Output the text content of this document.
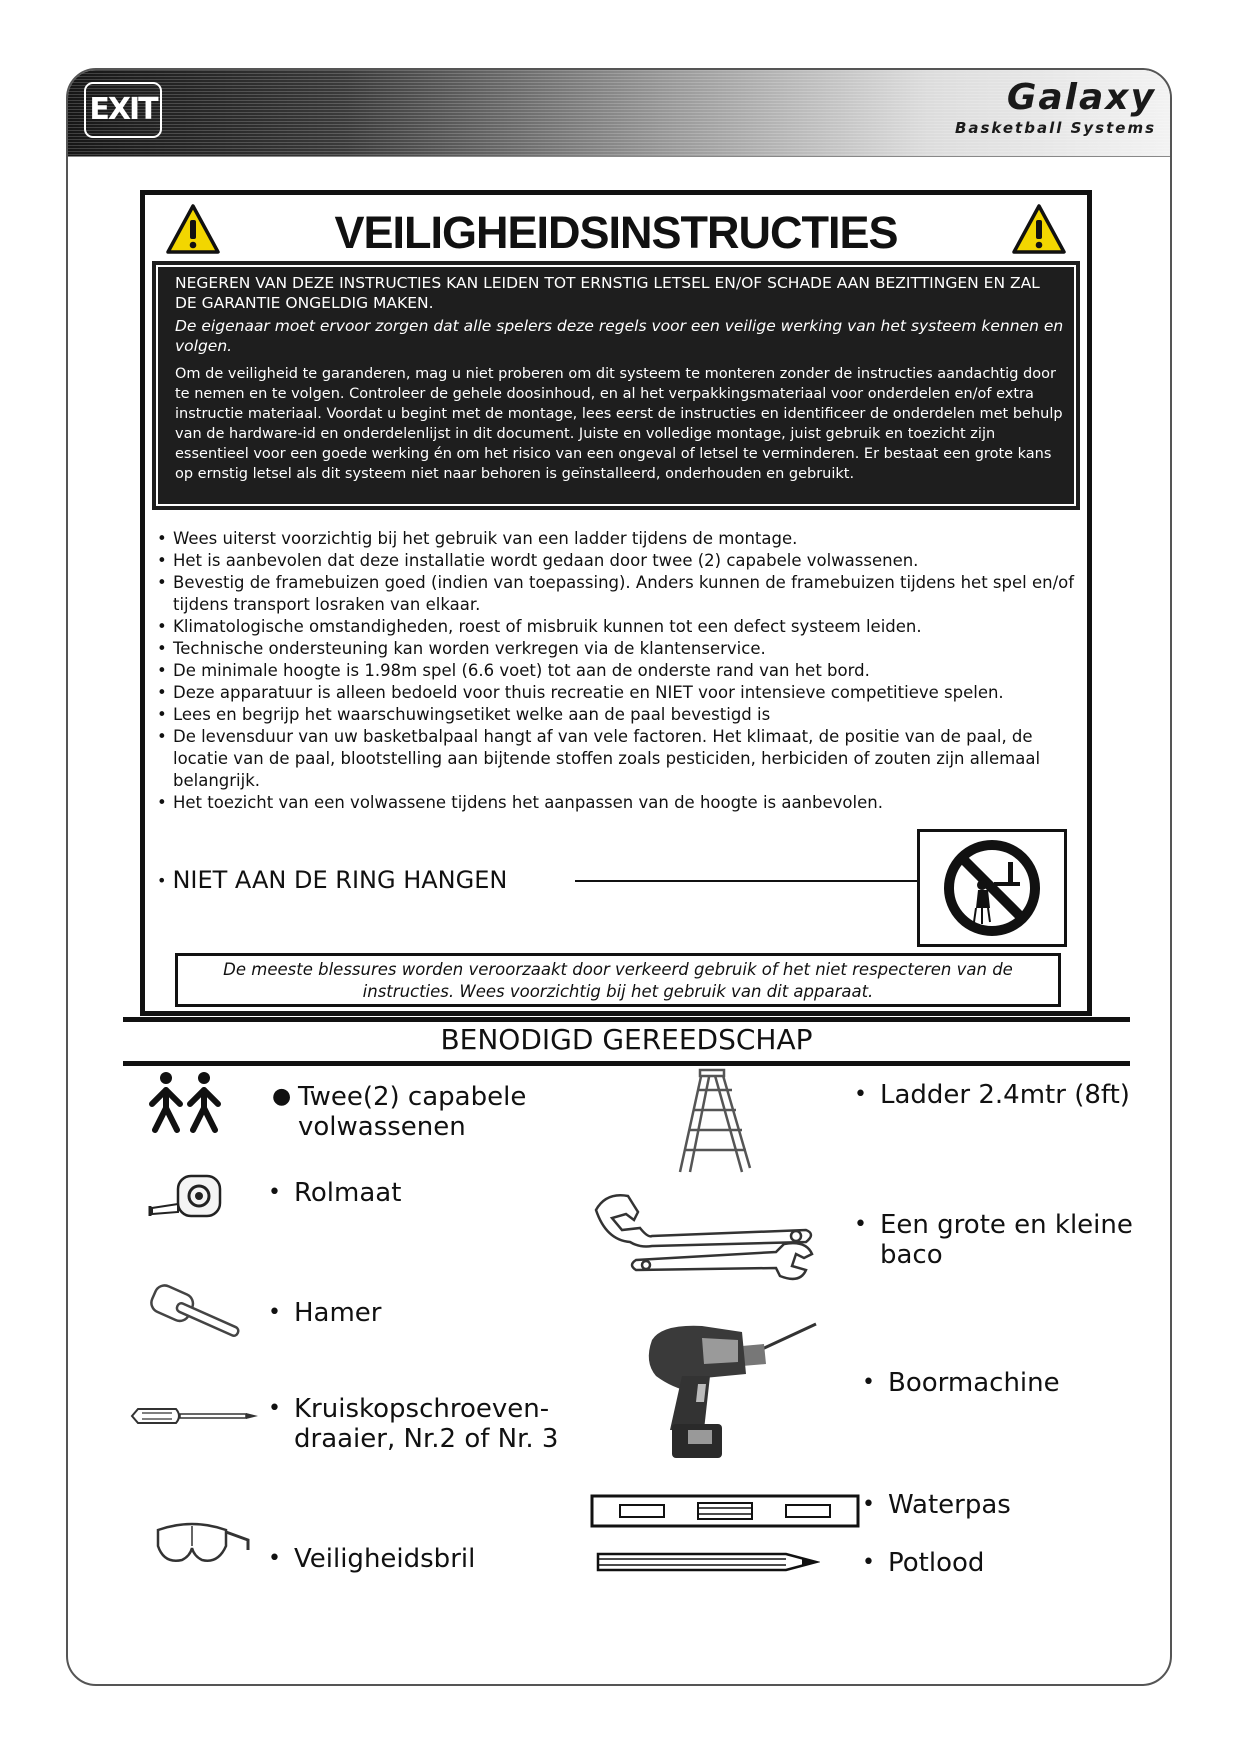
EXIT	Galaxy
Basketball Systems
VEILIGHEIDSINSTRUCTIES
NEGEREN VAN DEZE INSTRUCTIES KAN LEIDEN TOT ERNSTIG LETSEL EN/OF SCHADE AAN BEZITTINGEN EN ZAL DE GARANTIE ONGELDIG MAKEN.
De eigenaar moet ervoor zorgen dat alle spelers deze regels voor een veilige werking van het systeem kennen en volgen.
Om de veiligheid te garanderen, mag u niet proberen om dit systeem te monteren zonder de instructies aandachtig door te nemen en te volgen. Controleer de gehele doosinhoud, en al het verpakkingsmateriaal voor onderdelen en/of extra instructie materiaal. Voordat u begint met de montage, lees eerst de instructies en identificeer de onderdelen met behulp van de hardware-id en onderdelenlijst in dit document. Juiste en volledige montage, juist gebruik en toezicht zijn essentieel voor een goede werking én om het risico van een ongeval of letsel te verminderen. Er bestaat een grote kans op ernstig letsel als dit systeem niet naar behoren is geïnstalleerd, onderhouden en gebruikt.
• Wees uiterst voorzichtig bij het gebruik van een ladder tijdens de montage.
• Het is aanbevolen dat deze installatie wordt gedaan door twee (2) capabele volwassenen.
• Bevestig de framebuizen goed (indien van toepassing). Anders kunnen de framebuizen tijdens het spel en/of tijdens transport losraken van elkaar.
• Klimatologische omstandigheden, roest of misbruik kunnen tot een defect systeem leiden.
• Technische ondersteuning kan worden verkregen via de klantenservice.
• De minimale hoogte is 1.98m spel (6.6 voet) tot aan de onderste rand van het bord.
• Deze apparatuur is alleen bedoeld voor thuis recreatie en NIET voor intensieve competitieve spelen.
• Lees en begrijp het waarschuwingsetiket welke aan de paal bevestigd is
• De levensduur van uw basketbalpaal hangt af van vele factoren. Het klimaat, de positie van de paal, de locatie van de paal, blootstelling aan bijtende stoffen zoals pesticiden, herbiciden of zouten zijn allemaal belangrijk.
• Het toezicht van een volwassene tijdens het aanpassen van de hoogte is aanbevolen.
• NIET AAN DE RING HANGEN
De meeste blessures worden veroorzaakt door verkeerd gebruik of het niet respecteren van de instructies. Wees voorzichtig bij het gebruik van dit apparaat.
BENODIGD GEREEDSCHAP
● Twee(2) capabele volwassenen
• Rolmaat
• Hamer
• Kruiskopschroeven-draaier, Nr.2 of Nr. 3
• Veiligheidsbril
• Ladder 2.4mtr (8ft)
• Een grote en kleine baco
• Boormachine
• Waterpas
• Potlood
